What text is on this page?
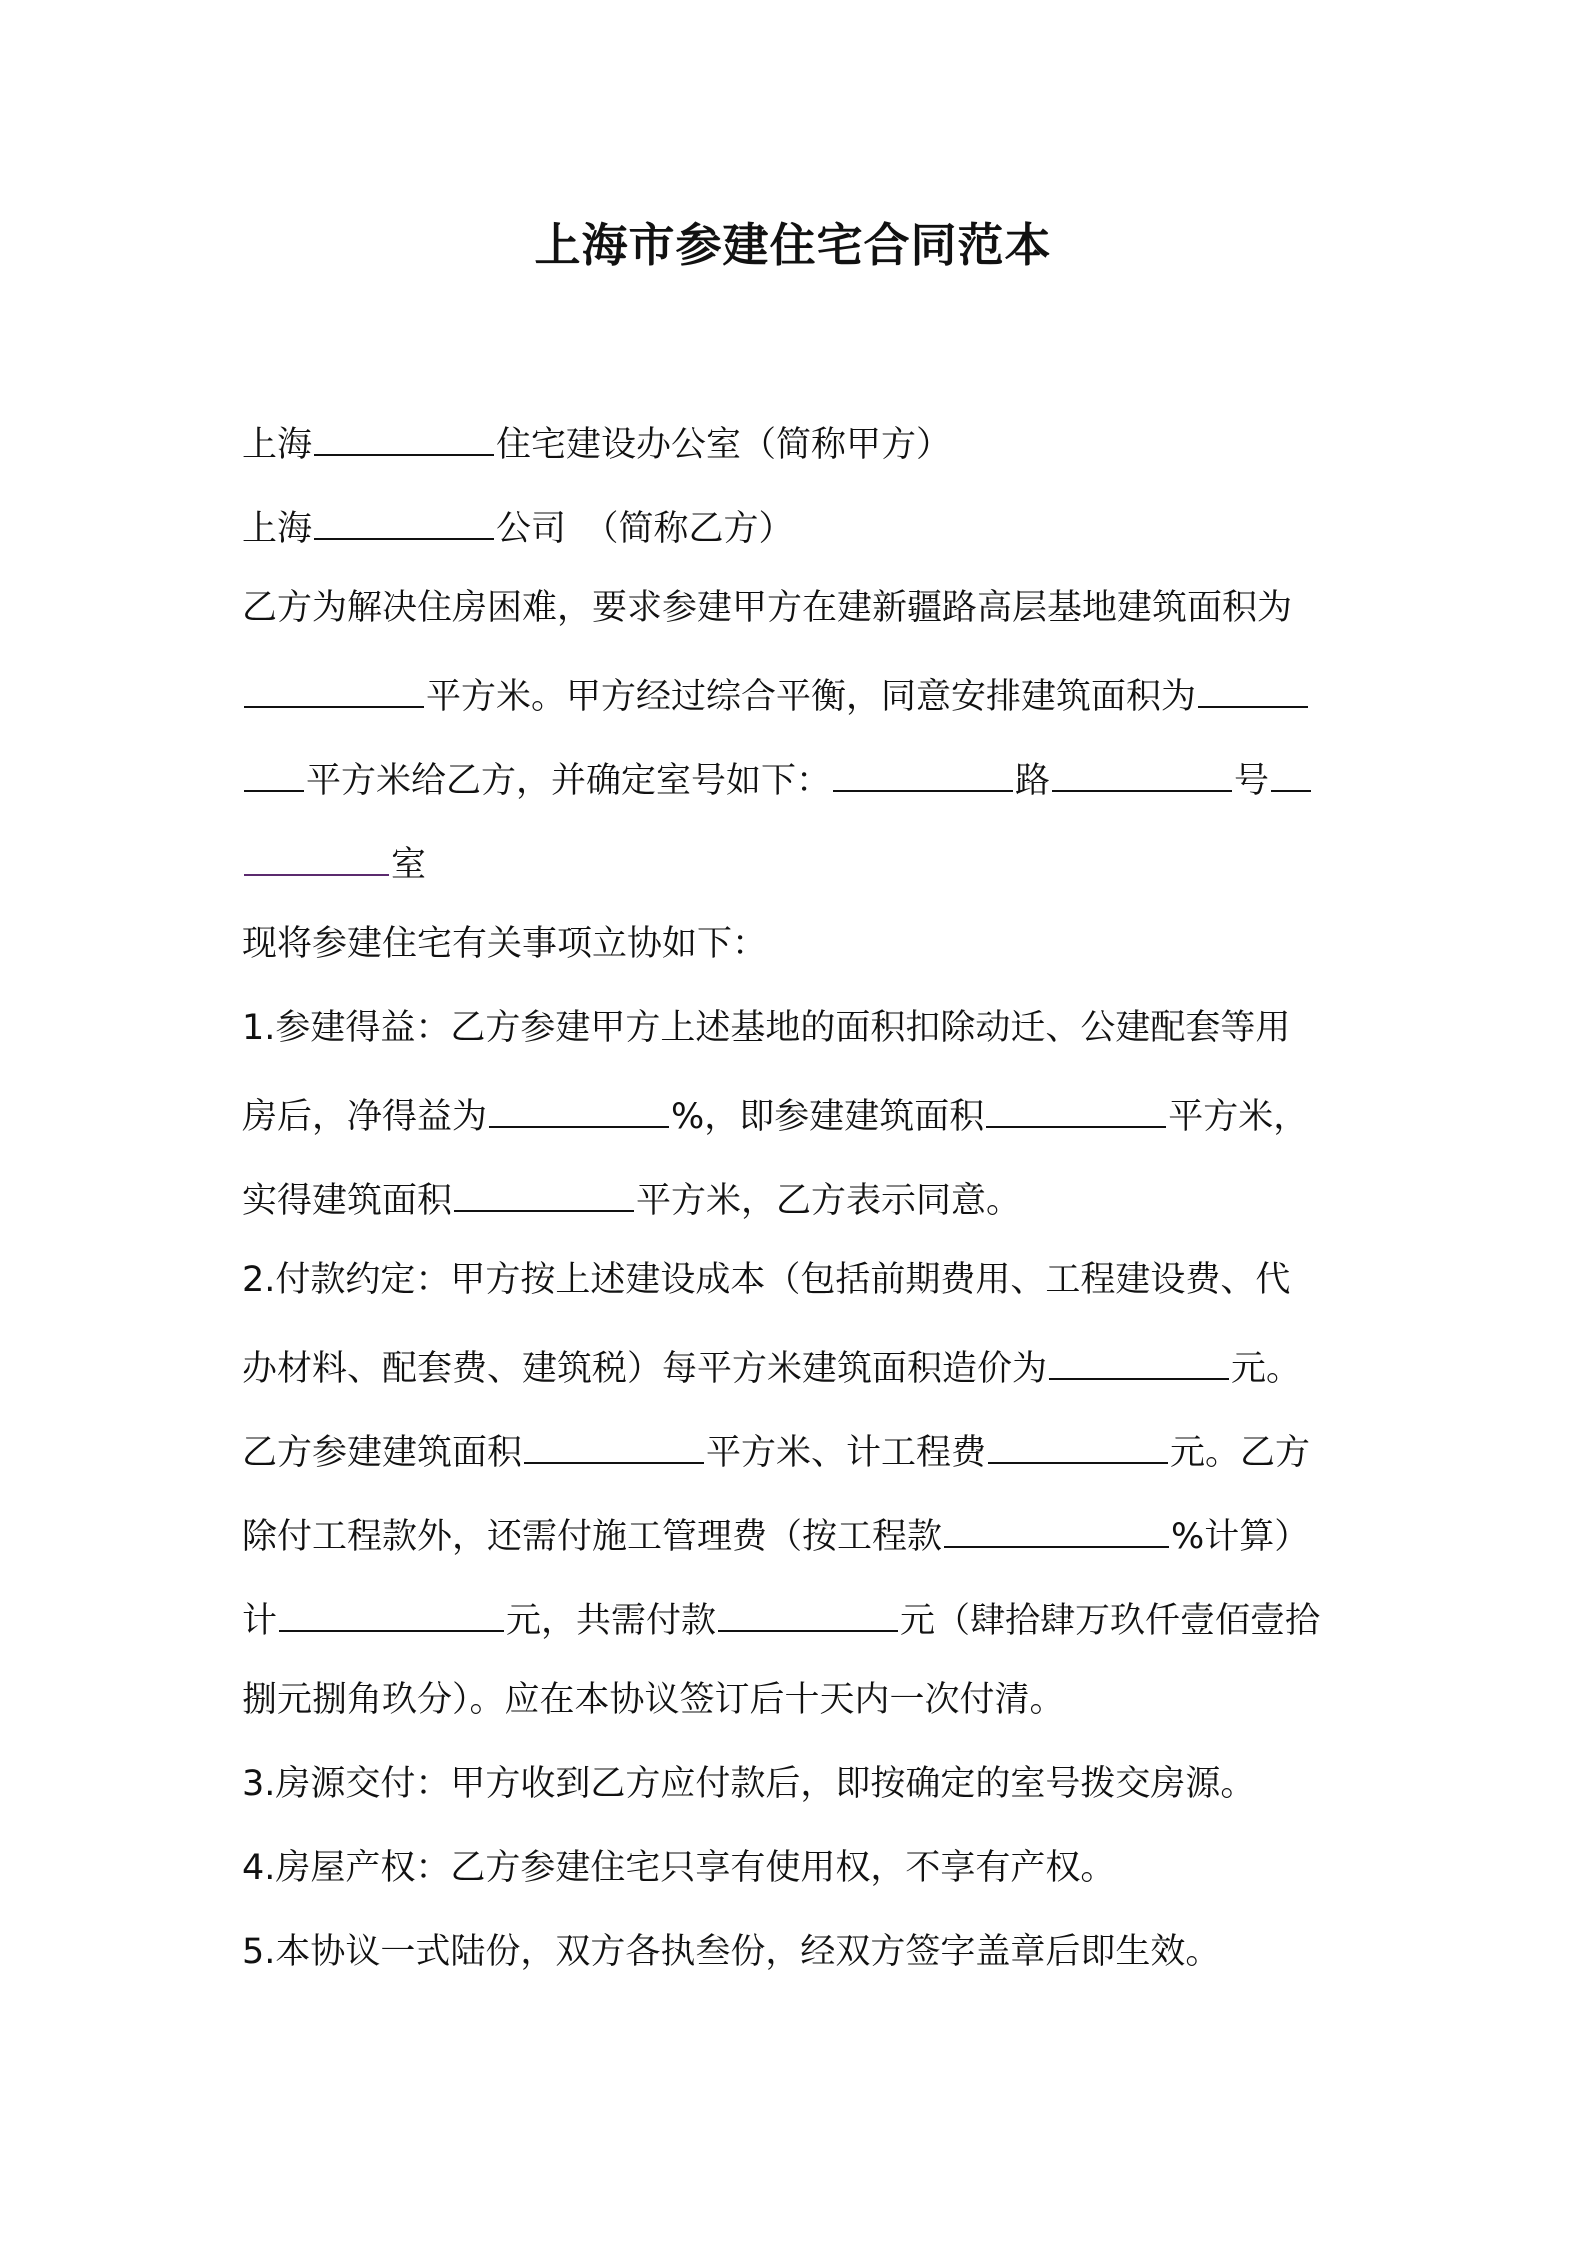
上海市参建住宅合同范本
上海	住宅建设办公室（简称甲方）
上海	公司　（简称乙方）
乙方为解决住房困难，要求参建甲方在建新疆路高层基地建筑面积为
平方米。甲方经过综合平衡，同意安排建筑面积为
平方米给乙方，并确定室号如下：	路	号
室
现将参建住宅有关事项立协如下：
1.参建得益：乙方参建甲方上述基地的面积扣除动迁、公建配套等用
房后，净得益为	%，即参建建筑面积	平方米，
实得建筑面积	平方米，乙方表示同意。
2.付款约定：甲方按上述建设成本（包括前期费用、工程建设费、代
办材料、配套费、建筑税）每平方米建筑面积造价为	元。
乙方参建建筑面积	平方米、计工程费	元。乙方
除付工程款外，还需付施工管理费（按工程款	%计算）
计	元，共需付款	元（肆拾肆万玖仟壹佰壹拾
捌元捌角玖分）。应在本协议签订后十天内一次付清。
3.房源交付：甲方收到乙方应付款后，即按确定的室号拨交房源。
4.房屋产权：乙方参建住宅只享有使用权，不享有产权。
5.本协议一式陆份，双方各执叁份，经双方签字盖章后即生效。
